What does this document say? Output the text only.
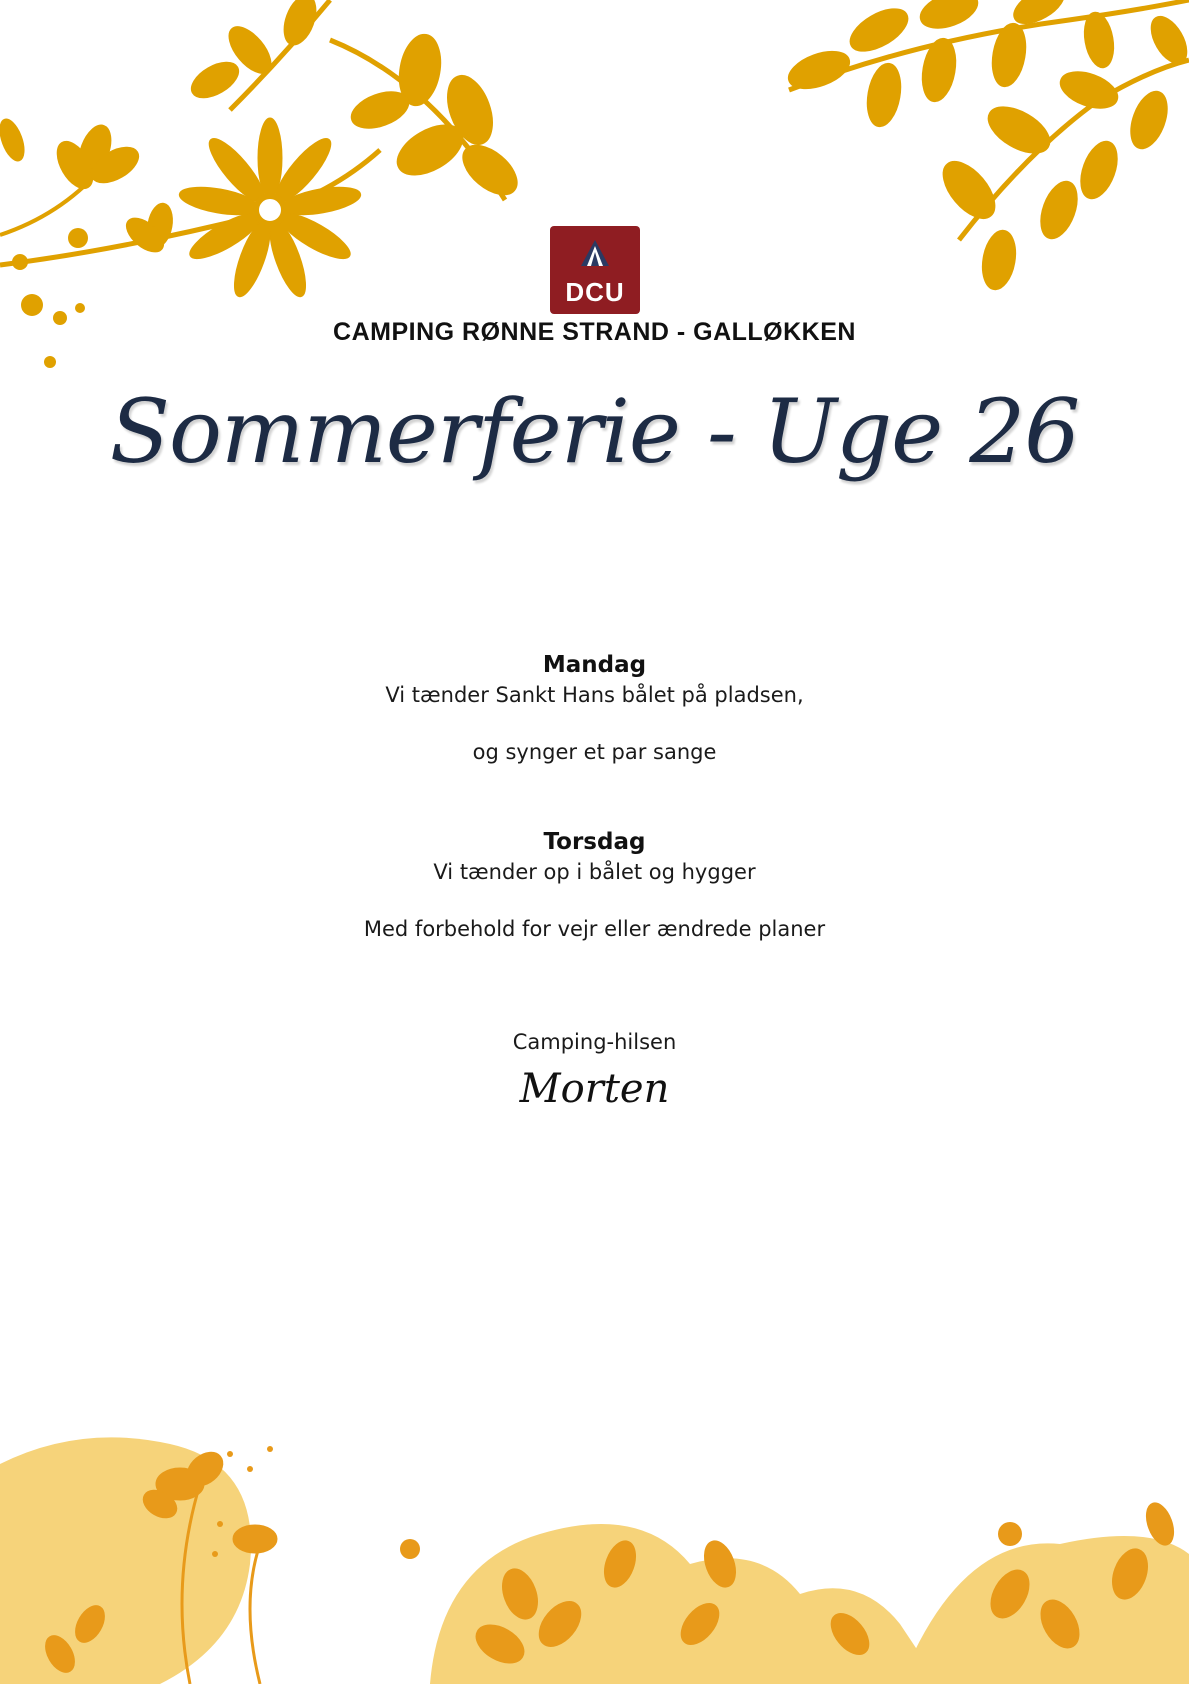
DCU
CAMPING RØNNE STRAND - GALLØKKEN
Sommerferie - Uge 26
Mandag
Vi tænder Sankt Hans bålet på pladsen,
og synger et par sange
Torsdag
Vi tænder op i bålet og hygger
Med forbehold for vejr eller ændrede planer
Camping-hilsen
Morten
